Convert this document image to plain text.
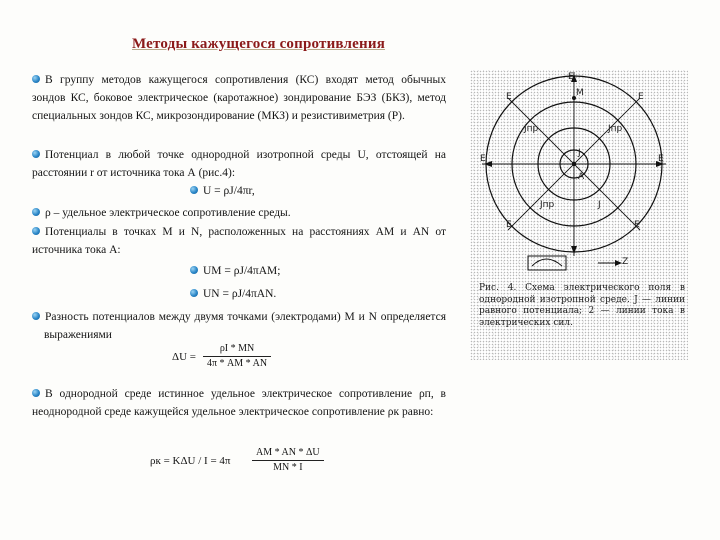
Методы кажущегося сопротивления
В группу методов кажущегося сопротивления (КС) входят метод обычных зондов КС, боковое электрическое (каротажное) зондирование БЭЗ (БКЗ), метод специальных зондов КС, микрозондирование (МКЗ) и резистивиметрия (Р).
Потенциал в любой точке однородной изотропной среды U, отстоящей на расстоянии r от источника тока А (рис.4):
U = ρJ/4πr,
ρ – удельное электрическое сопротивление среды.
Потенциалы в точках M и N, расположенных на расстояниях AM и AN от источника тока А:
UM = ρJ/4πAM;
UN = ρJ/4πAN.
Разность потенциалов между двумя точками (электродами) M и N определяется выражениями
$\Delta U = \frac{\rho I * MN}{4\pi * AM * AN}$
В однородной среде истинное удельное электрическое сопротивление ρп, в неоднородной среде кажущейся удельное электрическое сопротивление ρк равно:
$\rho к = K\Delta U / I = 4\pi \frac{AM * AN * \Delta U}{MN * I}$
E
E	E
E	E
E	E
M
J
A
Jпр	Jпр
Jпр	J
Z
Рис. 4. Схема электрического поля в однородной изотропной среде. J — линии равного потенциала; 2 — линии тока в электрических сил.
